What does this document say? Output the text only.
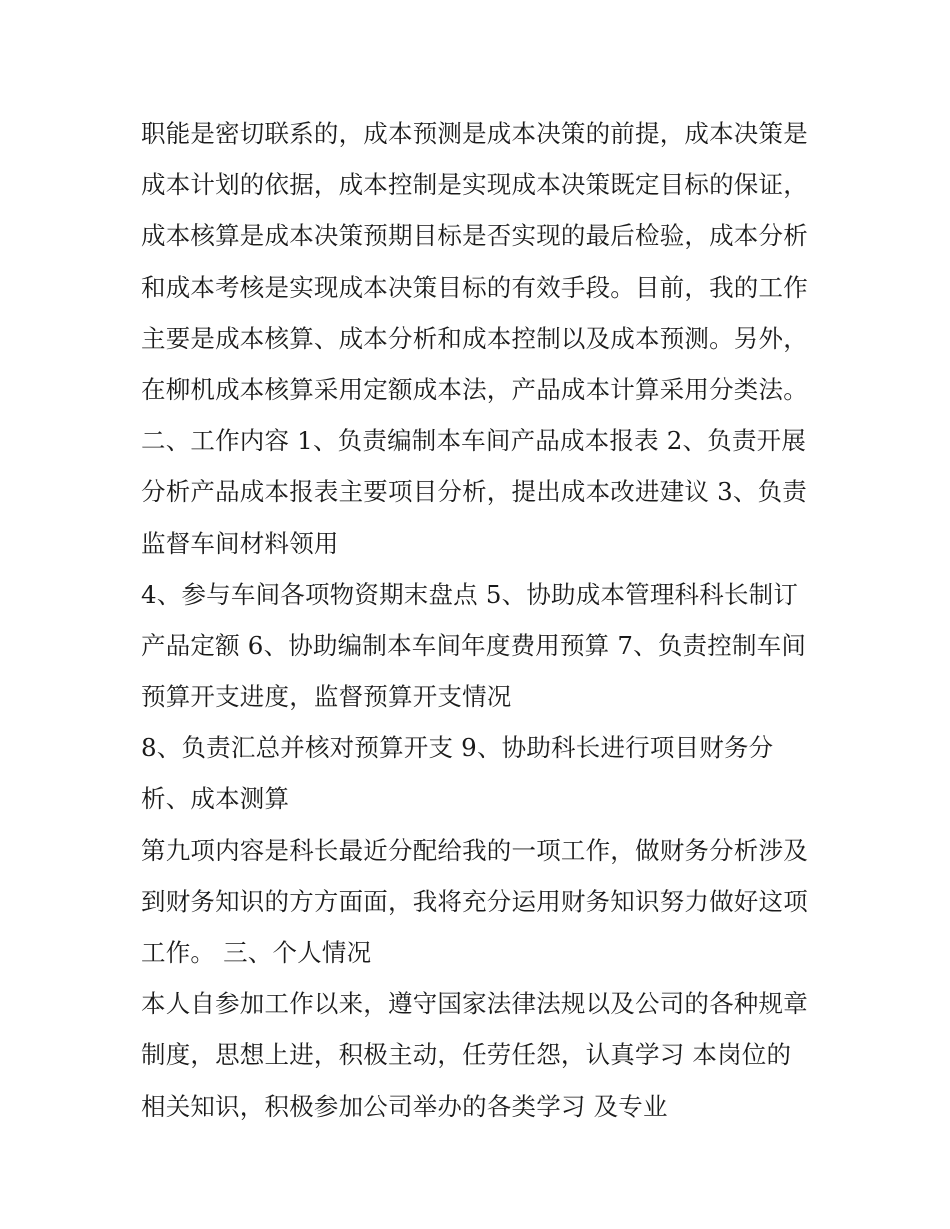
职能是密切联系的，成本预测是成本决策的前提，成本决策是
成本计划的依据，成本控制是实现成本决策既定目标的保证，
成本核算是成本决策预期目标是否实现的最后检验，成本分析
和成本考核是实现成本决策目标的有效手段。目前，我的工作
主要是成本核算、成本分析和成本控制以及成本预测。另外，
在柳机成本核算采用定额成本法，产品成本计算采用分类法。
二、工作内容 1、负责编制本车间产品成本报表 2、负责开展
分析产品成本报表主要项目分析，提出成本改进建议 3、负责
监督车间材料领用
4、参与车间各项物资期末盘点 5、协助成本管理科科长制订
产品定额 6、协助编制本车间年度费用预算 7、负责控制车间
预算开支进度，监督预算开支情况
8、负责汇总并核对预算开支 9、协助科长进行项目财务分
析、成本测算
第九项内容是科长最近分配给我的一项工作，做财务分析涉及
到财务知识的方方面面，我将充分运用财务知识努力做好这项
工作。 三、个人情况
本人自参加工作以来，遵守国家法律法规以及公司的各种规章
制度，思想上进，积极主动，任劳任怨，认真学习 本岗位的
相关知识，积极参加公司举办的各类学习 及专业
